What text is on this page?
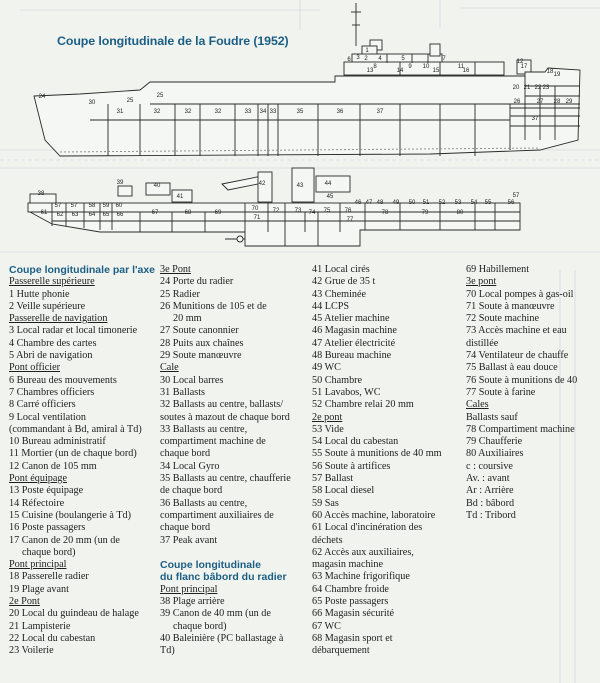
Coupe longitudinale de la Foudre (1952)
1
2
3	4	5
6	7
8	9 10	11
12
13	14	15	16
17
18 19
20 21 22 23
24	25
25	26	27 28 29
30
31	32	32	32	33 34 33	35	36	37
37
38
39	40
41
42	43	44
45
46 47 48 49 50 51 52 53 54 55	56
57
57 57 58 59 60
61 62 63 64 65 66	67	68	69
70
71
72	73 74 75 76
77
78	79	80
Coupe longitudinale par l'axe
Passerelle supérieure
1 Hutte phonie
2 Veille supérieure
Passerelle de navigation
3 Local radar et local timonerie
4 Chambre des cartes
5 Abri de navigation
Pont officier
6 Bureau des mouvements
7 Chambres officiers
8 Carré officiers
9 Local ventilation
(commandant à Bd, amiral à Td)
10 Bureau administratif
11 Mortier (un de chaque bord)
12 Canon de 105 mm
Pont équipage
13 Poste équipage
14 Réfectoire
15 Cuisine (boulangerie à Td)
16 Poste passagers
17 Canon de 20 mm (un de
chaque bord)
Pont principal
18 Passerelle radier
19 Plage avant
2e Pont
20 Local du guindeau de halage
21 Lampisterie
22 Local du cabestan
23 Voilerie
3e Pont
24 Porte du radier
25 Radier
26 Munitions de 105 et de
20 mm
27 Soute canonnier
28 Puits aux chaînes
29 Soute manœuvre
Cale
30 Local barres
31 Ballasts
32 Ballasts au centre, ballasts/
soutes à mazout de chaque bord
33 Ballasts au centre,
compartiment machine de
chaque bord
34 Local Gyro
35 Ballasts au centre, chaufferie
de chaque bord
36 Ballasts au centre,
compartiment auxiliaires de
chaque bord
37 Peak avant

Coupe longitudinale
du flanc bâbord du radier
Pont principal
38 Plage arrière
39 Canon de 40 mm (un de
chaque bord)
40 Baleinière (PC ballastage à
Td)
41 Local cirés
42 Grue de 35 t
43 Cheminée
44 LCPS
45 Atelier machine
46 Magasin machine
47 Atelier électricité
48 Bureau machine
49 WC
50 Chambre
51 Lavabos, WC
52 Chambre relai 20 mm
2e pont
53 Vide
54 Local du cabestan
55 Soute à munitions de 40 mm
56 Soute à artifices
57 Ballast
58 Local diesel
59 Sas
60 Accès machine, laboratoire
61 Local d'incinération des
déchets
62 Accès aux auxiliaires,
magasin machine
63 Machine frigorifique
64 Chambre froide
65 Poste passagers
66 Magasin sécurité
67 WC
68 Magasin sport et
débarquement
69 Habillement
3e pont
70 Local pompes à gas-oil
71 Soute à manœuvre
72 Soute machine
73 Accès machine et eau
distillée
74 Ventilateur de chauffe
75 Ballast à eau douce
76 Soute à munitions de 40
77 Soute à farine
Cales
Ballasts sauf
78 Compartiment machine
79 Chaufferie
80 Auxiliaires
c : coursive
Av. : avant
Ar : Arrière
Bd : bâbord
Td : Tribord
